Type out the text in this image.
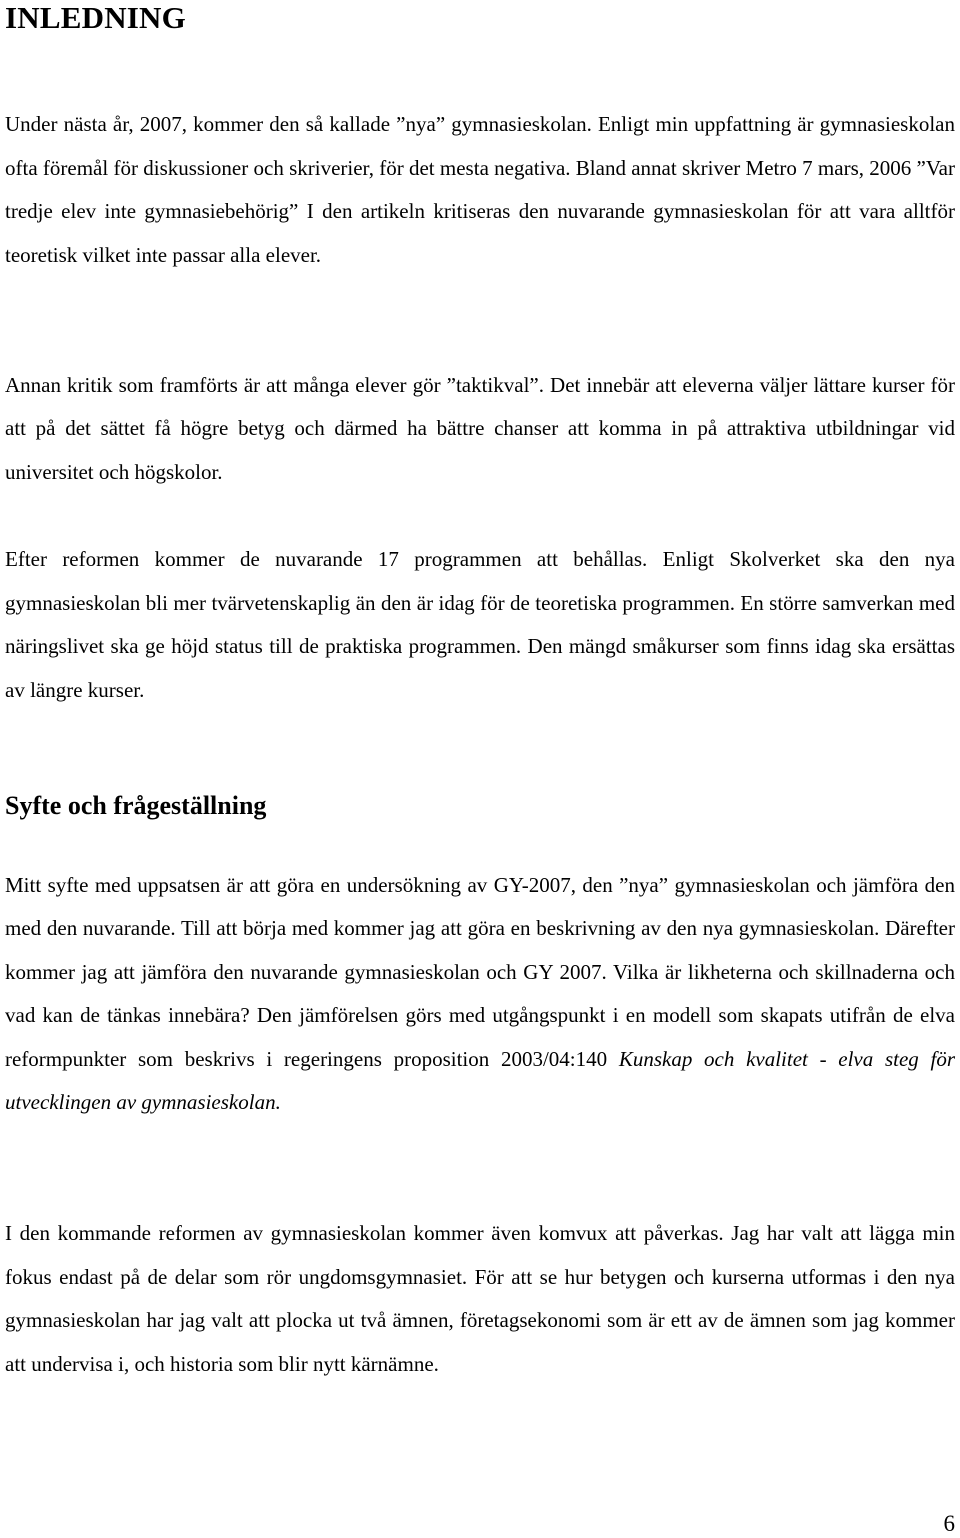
INLEDNING

Under nästa år, 2007, kommer den så kallade ”nya” gymnasieskolan. Enligt min uppfattning är gymnasieskolan ofta föremål för diskussioner och skriverier, för det mesta negativa. Bland annat skriver Metro 7 mars, 2006 ”Var tredje elev inte gymnasiebehörig” I den artikeln kritiseras den nuvarande gymnasieskolan för att vara alltför teoretisk vilket inte passar alla elever.

Annan kritik som framförts är att många elever gör ”taktikval”. Det innebär att eleverna väljer lättare kurser för att på det sättet få högre betyg och därmed ha bättre chanser att komma in på attraktiva utbildningar vid universitet och högskolor.

Efter reformen kommer de nuvarande 17 programmen att behållas. Enligt Skolverket ska den nya gymnasieskolan bli mer tvärvetenskaplig än den är idag för de teoretiska programmen. En större samverkan med näringslivet ska ge höjd status till de praktiska programmen. Den mängd småkurser som finns idag ska ersättas av längre kurser.

Syfte och frågeställning

Mitt syfte med uppsatsen är att göra en undersökning av GY-2007, den ”nya” gymnasieskolan och jämföra den med den nuvarande. Till att börja med kommer jag att göra en beskrivning av den nya gymnasieskolan. Därefter kommer jag att jämföra den nuvarande gymnasieskolan och GY 2007. Vilka är likheterna och skillnaderna och vad kan de tänkas innebära? Den jämförelsen görs med utgångspunkt i en modell som skapats utifrån de elva reformpunkter som beskrivs i regeringens proposition 2003/04:140 Kunskap och kvalitet - elva steg för utvecklingen av gymnasieskolan.

I den kommande reformen av gymnasieskolan kommer även komvux att påverkas. Jag har valt att lägga min fokus endast på de delar som rör ungdomsgymnasiet. För att se hur betygen och kurserna utformas i den nya gymnasieskolan har jag valt att plocka ut två ämnen, företagsekonomi som är ett av de ämnen som jag kommer att undervisa i, och historia som blir nytt kärnämne.

6
